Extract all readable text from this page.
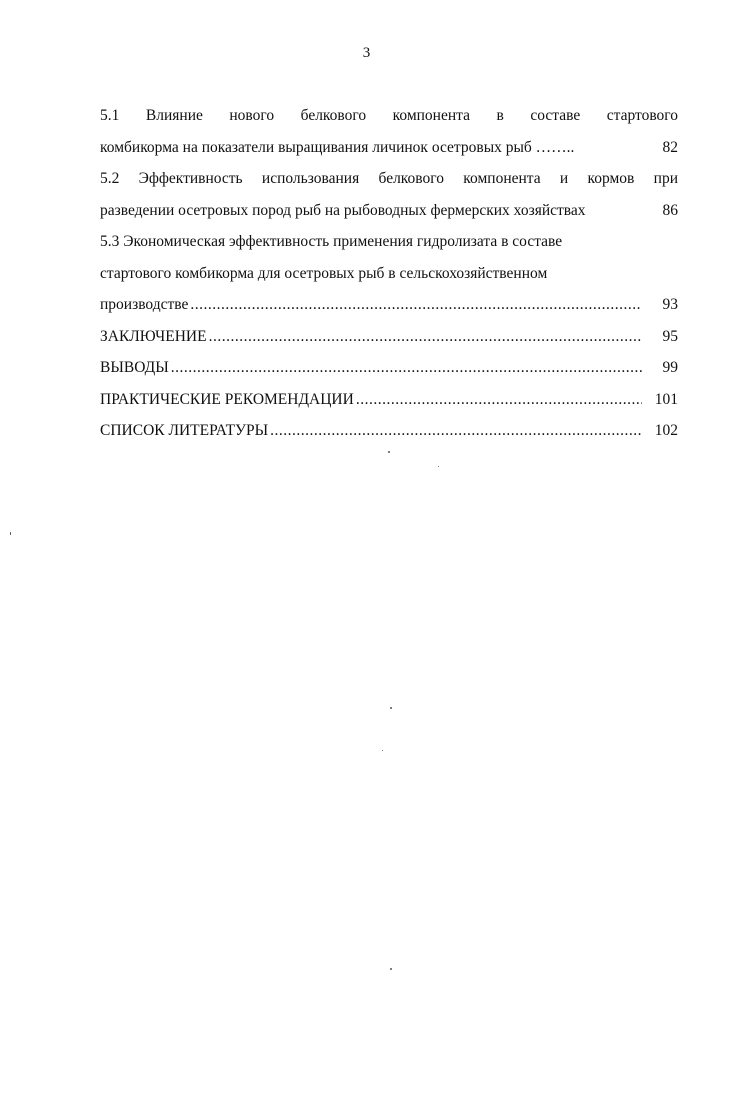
3
5.1 Влияние нового белкового компонента в составе стартового
комбикорма на показатели выращивания личинок осетровых рыб ……..	82
5.2 Эффективность использования белкового компонента и кормов при
разведении осетровых пород рыб на рыбоводных фермерских хозяйствах	86
5.3 Экономическая эффективность применения гидролизата в составе
стартового комбикорма для осетровых рыб в сельскохозяйственном
производстве .....	93
ЗАКЛЮЧЕНИЕ .....	95
ВЫВОДЫ .....	99
ПРАКТИЧЕСКИЕ РЕКОМЕНДАЦИИ .....	101
СПИСОК ЛИТЕРАТУРЫ .....	102
